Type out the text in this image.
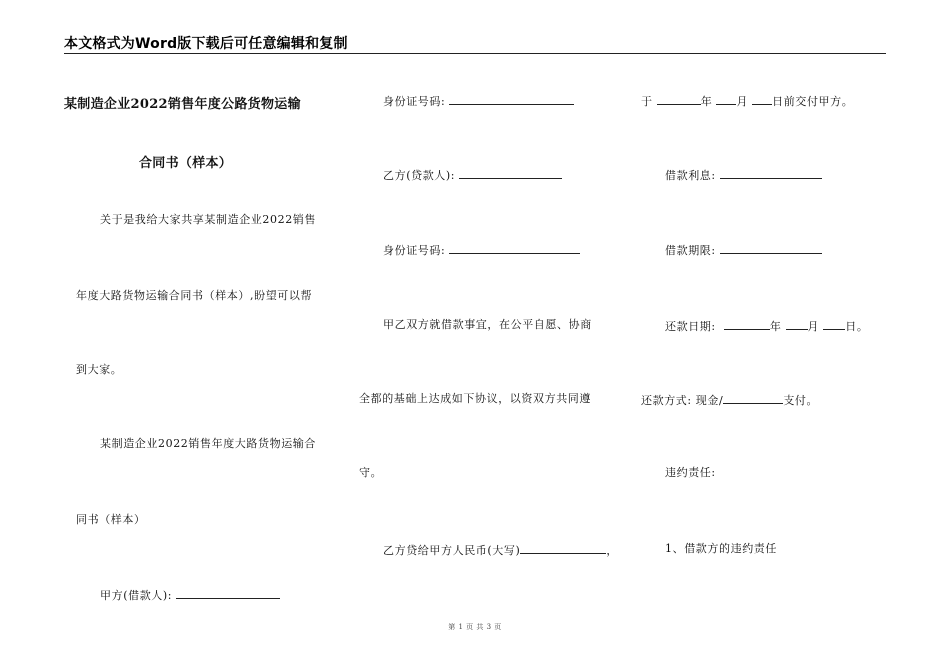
本文格式为Word版下载后可任意编辑和复制
某制造企业2022销售年度公路货物运输
合同书（样本）
关于是我给大家共享某制造企业2022销售
年度大路货物运输合同书（样本）,盼望可以帮
到大家。
某制造企业2022销售年度大路货物运输合
同书（样本）
甲方(借款人):
身份证号码:
乙方(贷款人):
身份证号码:
甲乙双方就借款事宜，在公平自愿、协商
全都的基础上达成如下协议，以资双方共同遵
守。
乙方贷给甲方人民币(大写)	，
于	年 月 日前交付甲方。
借款利息:
借款期限:
还款日期:	年 月 日。
还款方式: 现金/	支付。
违约责任:
1、借款方的违约责任
第 1 页 共 3 页
